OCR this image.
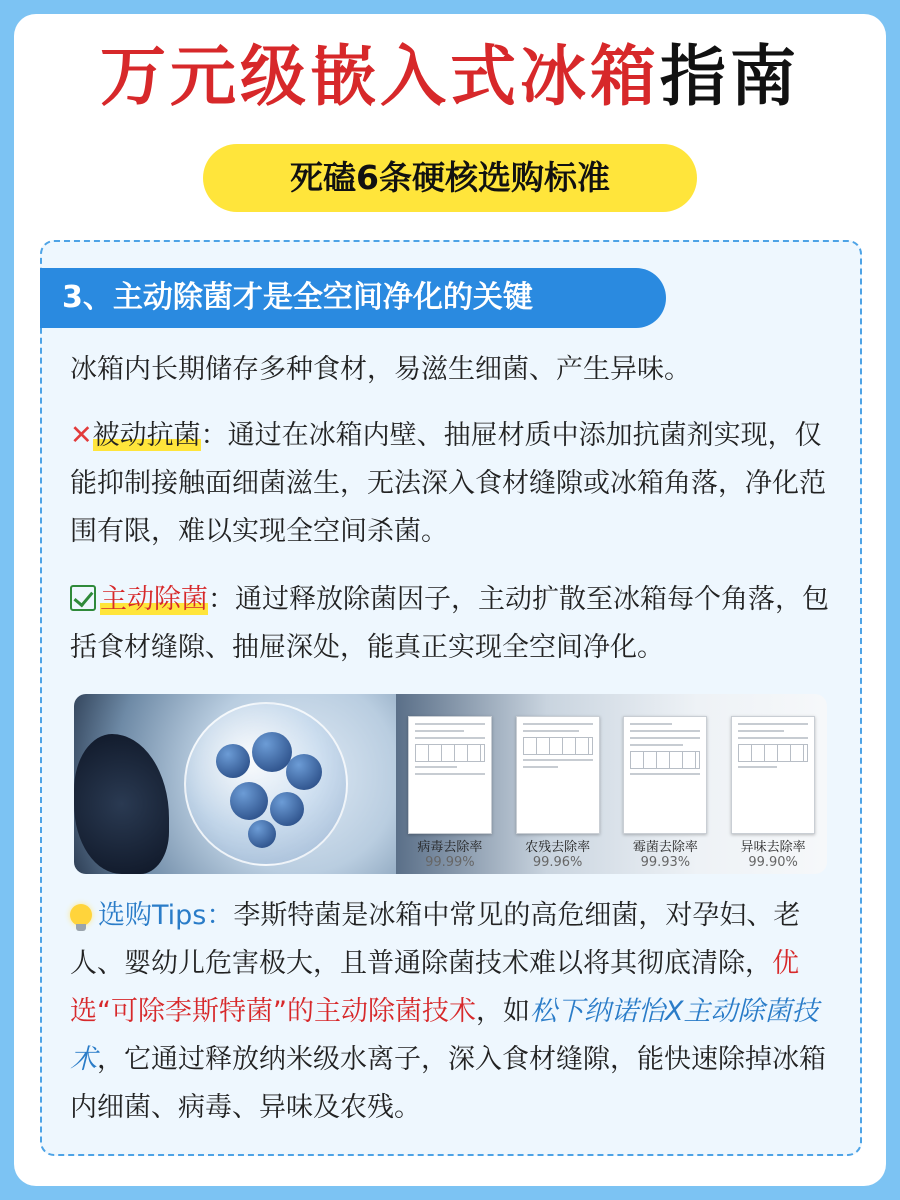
万元级嵌入式冰箱指南
死磕6条硬核选购标准
3、主动除菌才是全空间净化的关键
冰箱内长期储存多种食材，易滋生细菌、产生异味。
✕被动抗菌：通过在冰箱内壁、抽屉材质中添加抗菌剂实现，仅能抑制接触面细菌滋生，无法深入食材缝隙或冰箱角落，净化范围有限，难以实现全空间杀菌。
主动除菌：通过释放除菌因子，主动扩散至冰箱每个角落，包括食材缝隙、抽屉深处，能真正实现全空间净化。
病毒去除率
99.99%
农残去除率
99.96%
霉菌去除率
99.93%
异味去除率
99.90%
选购Tips：李斯特菌是冰箱中常见的高危细菌，对孕妇、老人、婴幼儿危害极大，且普通除菌技术难以将其彻底清除，优选“可除李斯特菌”的主动除菌技术，如松下纳诺怡X主动除菌技术，它通过释放纳米级水离子，深入食材缝隙，能快速除掉冰箱内细菌、病毒、异味及农残。
